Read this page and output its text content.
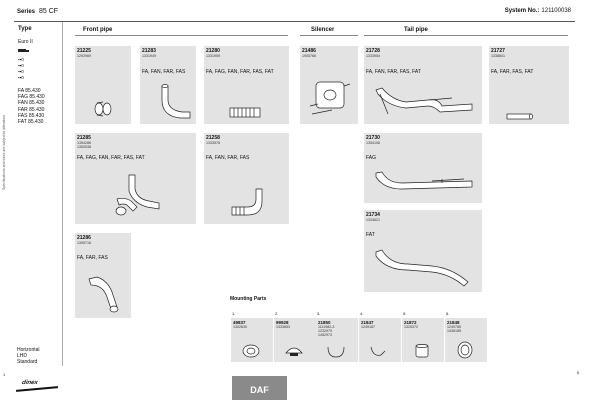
Series 85 CF	System No.: 121100038
Type
Euro II
▪▪0
▪▪0
▪▪0
▪▪0
FA 85.430
FAG 85.430
FAN 85.430
FAR 85.430
FAS 85.430
FAT 85.430
Specifications and sizes are subject to alteration
Horizontal
LHD
Standard
Front pipe	Silencer	Tail pipe
21225
1292969
21283
1331949
FA, FAN, FAR, FAS
21280
1331959
FA, FAG, FAN, FAR, FAS, FAT
21486
1905766
21728
1333954
FA, FAN, FAR, FAS, FAT
21727
1338841
FA, FAR, FAS, FAT
21285
1354286
1350538
FA, FAG, FAN, FAR, FAS, FAT
21258
1333578
FA, FAN, FAR, FAS
21730
1354106
FAG
21286
1395716
FA, FAR, FAS
21734
1334621
FAT
Mounting Parts
1.
49837
1302630
2.
99928
1333653
3.
21850
1111982-3
1232979
1452973
4.
21847
1249187
5.
21872
1325372
6.
21848
1249785
1436185
1	5
dinex
DAF
